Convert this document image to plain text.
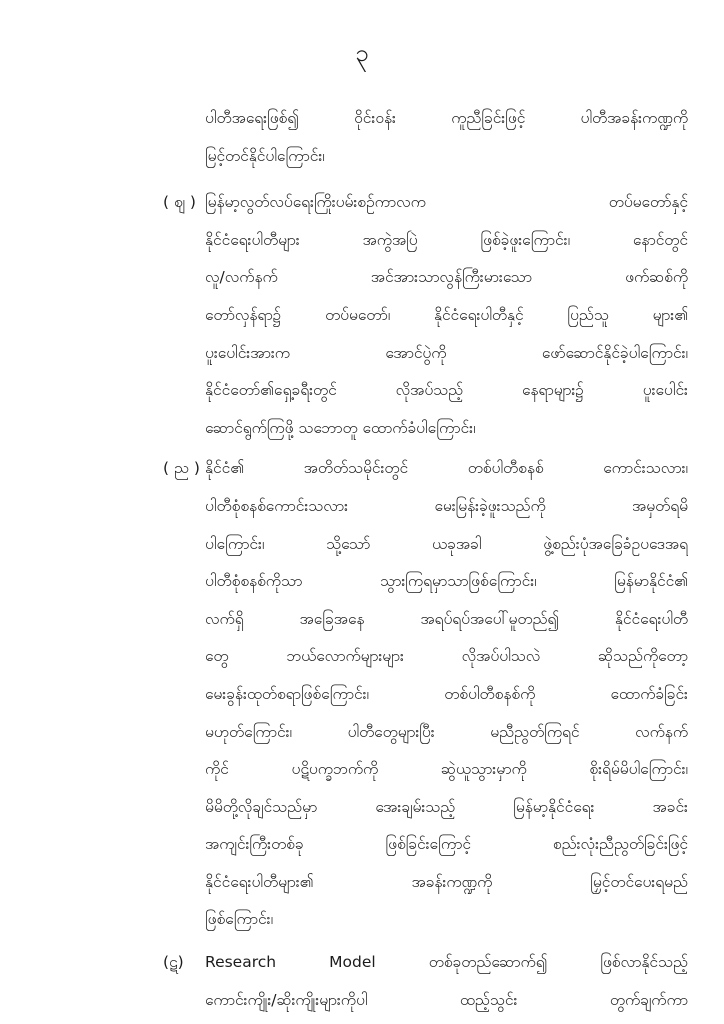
၃
ပါတီအရေးဖြစ်၍ ဝိုင်းဝန်း ကူညီခြင်းဖြင့် ပါတီအခန်းကဏ္ဍကို
မြင့်တင်နိုင်ပါကြောင်း၊
( ဈ ) မြန်မာ့လွတ်လပ်ရေးကြိုးပမ်းစဉ်ကာလက တပ်မတော်နှင့်
နိုင်ငံရေးပါတီများ အကွဲအပြဲ ဖြစ်ခဲ့ဖူးကြောင်း၊ နောင်တွင်
လူ/လက်နက် အင်အားသာလွန်ကြီးမားသော ဖက်ဆစ်ကို
တော်လှန်ရာ၌ တပ်မတော်၊ နိုင်ငံရေးပါတီနှင့် ပြည်သူ များ၏
ပူးပေါင်းအားက အောင်ပွဲကို ဖော်ဆောင်နိုင်ခဲ့ပါကြောင်း၊
နိုင်ငံတော်၏ရှေ့ခရီးတွင် လိုအပ်သည့် နေရာများ၌ ပူးပေါင်း
ဆောင်ရွက်ကြဖို့ သဘောတူ ထောက်ခံပါကြောင်း၊
( ည ) နိုင်ငံ၏ အတိတ်သမိုင်းတွင် တစ်ပါတီစနစ် ကောင်းသလား၊
ပါတီစုံစနစ်ကောင်းသလား မေးမြန်းခဲ့ဖူးသည်ကို အမှတ်ရမိ
ပါကြောင်း၊ သို့သော် ယခုအခါ ဖွဲ့စည်းပုံအခြေခံဥပဒေအရ
ပါတီစုံစနစ်ကိုသာ သွားကြရမှာသာဖြစ်ကြောင်း၊ မြန်မာနိုင်ငံ၏
လက်ရှိ အခြေအနေ အရပ်ရပ်အပေါ်မူတည်၍ နိုင်ငံရေးပါတီ
တွေ ဘယ်လောက်များများ လိုအပ်ပါသလဲ ဆိုသည်ကိုတော့
မေးခွန်းထုတ်စရာဖြစ်ကြောင်း၊ တစ်ပါတီစနစ်ကို ထောက်ခံခြင်း
မဟုတ်ကြောင်း၊ ပါတီတွေများပြီး မညီညွတ်ကြရင် လက်နက်
ကိုင် ပဋိပက္ခဘက်ကို ဆွဲယူသွားမှာကို စိုးရိမ်မိပါကြောင်း၊
မိမိတို့လိုချင်သည်မှာ အေးချမ်းသည့် မြန်မာ့နိုင်ငံရေး အခင်း
အကျင်းကြီးတစ်ခု ဖြစ်ခြင်းကြောင့် စည်းလုံးညီညွတ်ခြင်းဖြင့်
နိုင်ငံရေးပါတီများ၏ အခန်းကဏ္ဍကို မြှင့်တင်ပေးရမည်
ဖြစ်ကြောင်း၊
(ဋ) Research Model တစ်ခုတည်ဆောက်၍ ဖြစ်လာနိုင်သည့်
ကောင်းကျိုး/ဆိုးကျိုးများကိုပါ ထည့်သွင်း တွက်ချက်ကာ
